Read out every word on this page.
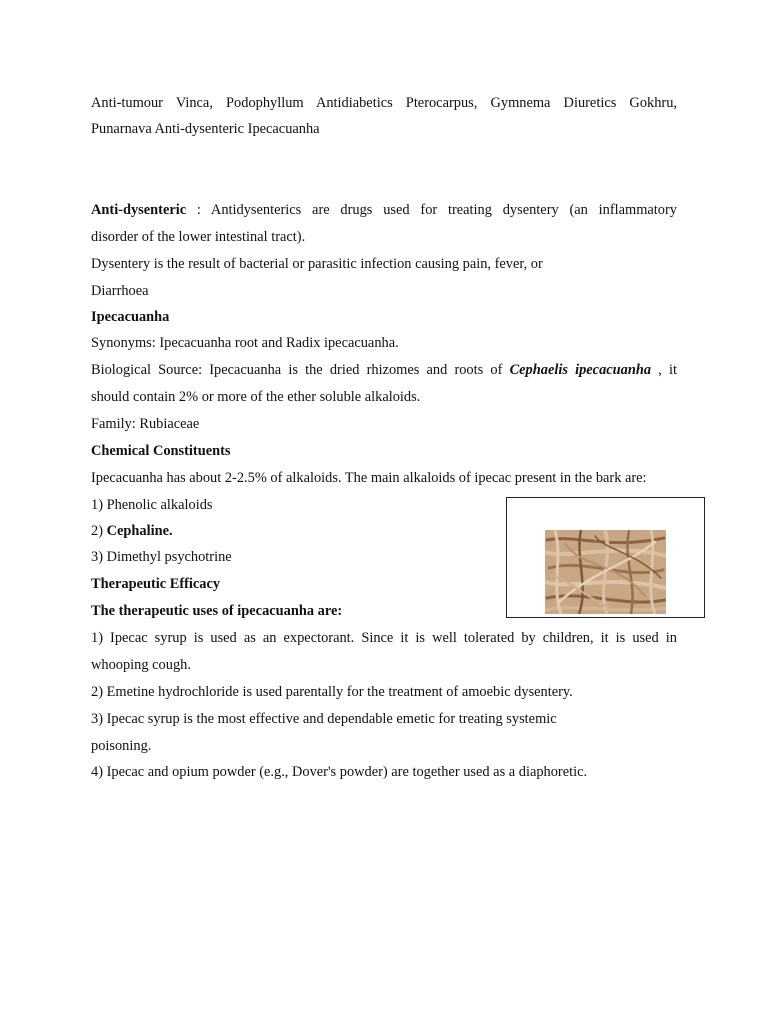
Anti-tumour Vinca, Podophyllum Antidiabetics Pterocarpus, Gymnema Diuretics Gokhru,
Punarnava Anti-dysenteric Ipecacuanha
Anti-dysenteric : Antidysenterics are drugs used for treating dysentery (an inflammatory
disorder of the lower intestinal tract).
Dysentery is the result of bacterial or parasitic infection causing pain, fever, or
Diarrhoea
Ipecacuanha
Synonyms: Ipecacuanha root and Radix ipecacuanha.
Biological Source: Ipecacuanha is the dried rhizomes and roots of Cephaelis ipecacuanha , it
should contain 2% or more of the ether soluble alkaloids.
Family: Rubiaceae
Chemical Constituents
Ipecacuanha has about 2-2.5% of alkaloids. The main alkaloids of ipecac present in the bark are:
1) Phenolic alkaloids
2) Cephaline.
3) Dimethyl psychotrine
Therapeutic Efficacy
The therapeutic uses of ipecacuanha are:
1) Ipecac syrup is used as an expectorant. Since it is well tolerated by children, it is used in
whooping cough.
2) Emetine hydrochloride is used parentally for the treatment of amoebic dysentery.
3) Ipecac syrup is the most effective and dependable emetic for treating systemic
poisoning.
4) Ipecac and opium powder (e.g., Dover's powder) are together used as a diaphoretic.
